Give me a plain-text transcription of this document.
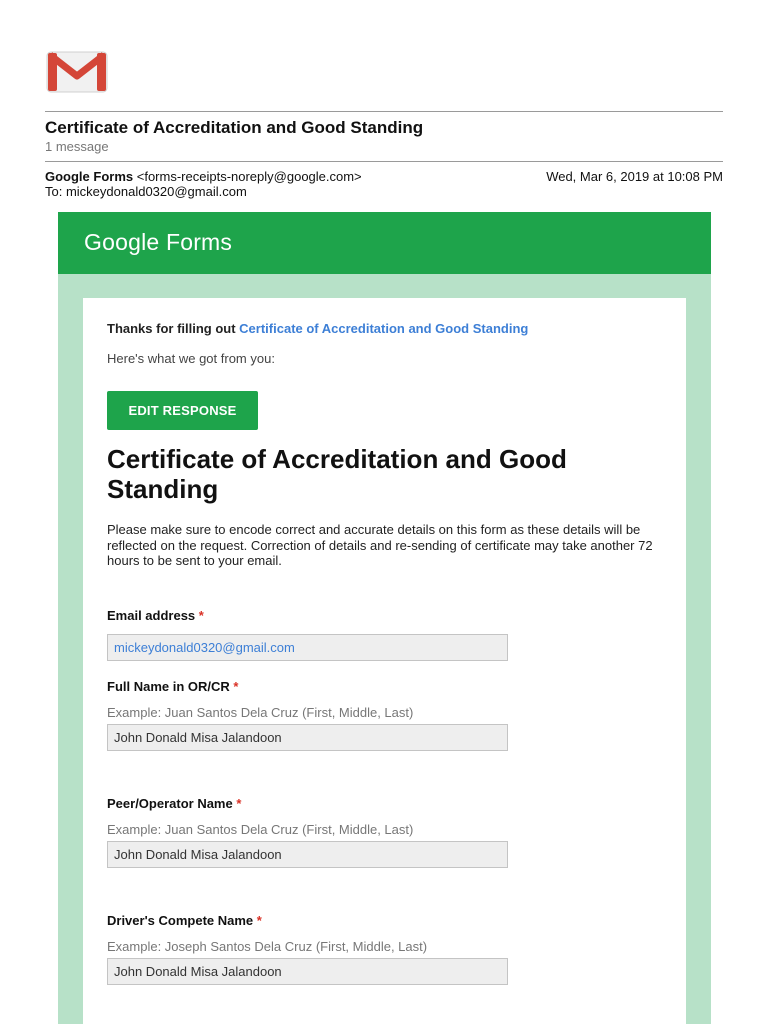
Certificate of Accreditation and Good Standing
1 message
Google Forms <forms-receipts-noreply@google.com>	Wed, Mar 6, 2019 at 10:08 PM
To: mickeydonald0320@gmail.com
Google Forms
Thanks for filling out Certificate of Accreditation and Good Standing
Here's what we got from you:
EDIT RESPONSE
Certificate of Accreditation and Good Standing
Please make sure to encode correct and accurate details on this form as these details will be reflected on the request. Correction of details and re-sending of certificate may take another 72 hours to be sent to your email.
Email address *
mickeydonald0320@gmail.com
Full Name in OR/CR *
Example: Juan Santos Dela Cruz (First, Middle, Last)
John Donald Misa Jalandoon
Peer/Operator Name *
Example: Juan Santos Dela Cruz (First, Middle, Last)
John Donald Misa Jalandoon
Driver's Compete Name *
Example: Joseph Santos Dela Cruz (First, Middle, Last)
John Donald Misa Jalandoon
